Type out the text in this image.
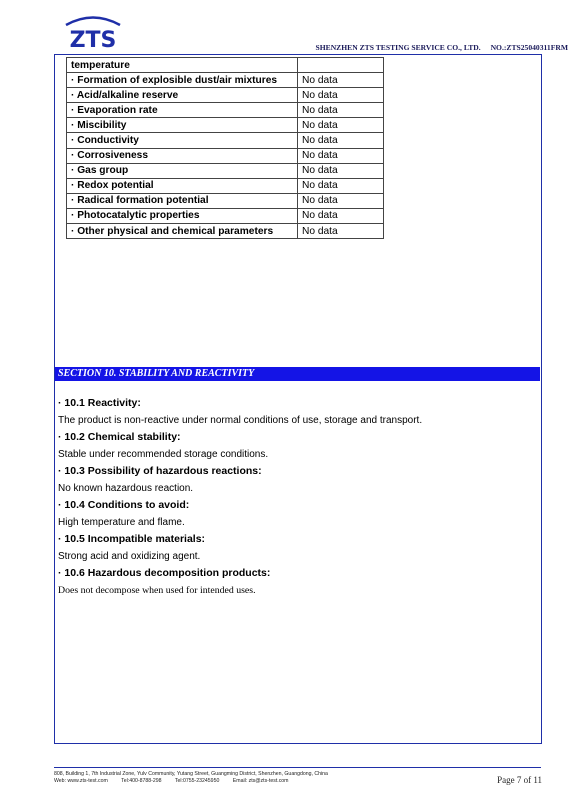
ZTS	SHENZHEN ZTS TESTING SERVICE CO., LTD. NO.:ZTS25040311FRM
temperature	
· Formation of explosible dust/air mixtures	No data
· Acid/alkaline reserve	No data
· Evaporation rate	No data
· Miscibility	No data
· Conductivity	No data
· Corrosiveness	No data
· Gas group	No data
· Redox potential	No data
· Radical formation potential	No data
· Photocatalytic properties	No data
· Other physical and chemical parameters	No data
SECTION 10. STABILITY AND REACTIVITY
· 10.1 Reactivity:
The product is non-reactive under normal conditions of use, storage and transport.
· 10.2 Chemical stability:
Stable under recommended storage conditions.
· 10.3 Possibility of hazardous reactions:
No known hazardous reaction.
· 10.4 Conditions to avoid:
High temperature and flame.
· 10.5 Incompatible materials:
Strong acid and oxidizing agent.
· 10.6 Hazardous decomposition products:
Does not decompose when used for intended uses.
808, Building 1, 7th Industrial Zone, Yulv Community, Yutang Street, Guangming District, Shenzhen, Guangdong, China
Web: www.zts-test.com	Tel:400-8788-298	Tel:0755-23245950	Email: zts@zts-test.com	Page 7 of 11
